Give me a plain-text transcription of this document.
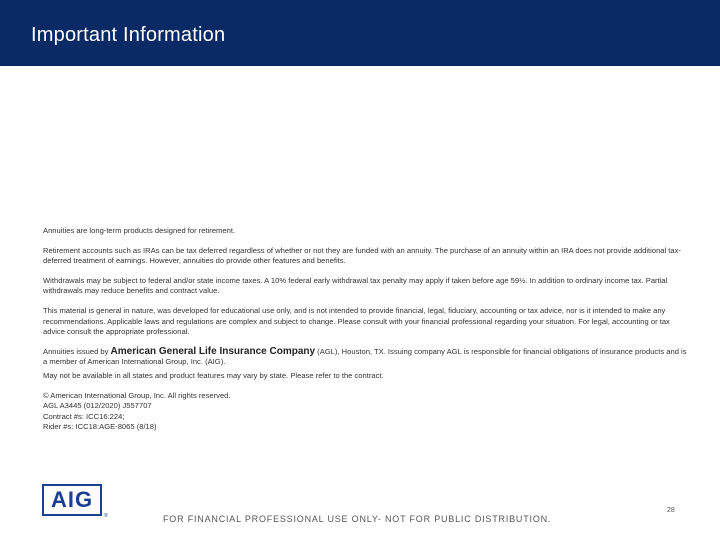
Important Information

Annuities are long-term products designed for retirement.

Retirement accounts such as IRAs can be tax deferred regardless of whether or not they are funded with an annuity. The purchase of an annuity within an IRA does not provide additional tax-deferred treatment of earnings. However, annuities do provide other features and benefits.

Withdrawals may be subject to federal and/or state income taxes. A 10% federal early withdrawal tax penalty may apply if taken before age 59½. In addition to ordinary income tax. Partial withdrawals may reduce benefits and contract value.

This material is general in nature, was developed for educational use only, and is not intended to provide financial, legal, fiduciary, accounting or tax advice, nor is it intended to make any recommendations. Applicable laws and regulations are complex and subject to change. Please consult with your financial professional regarding your situation. For legal, accounting or tax advice consult the appropriate professional.

Annuities issued by American General Life Insurance Company (AGL), Houston, TX. Issuing company AGL is responsible for financial obligations of insurance products and is a member of American International Group, Inc. (AIG).

May not be available in all states and product features may vary by state. Please refer to the contract.

© American International Group, Inc. All rights reserved.

AGL A3445 (012/2020) J557707

Contract #s: ICC16:224;

Rider #s: ICC18:AGE-8065 (8/18)

AIG
®	FOR FINANCIAL PROFESSIONAL USE ONLY- NOT FOR PUBLIC DISTRIBUTION.
28
